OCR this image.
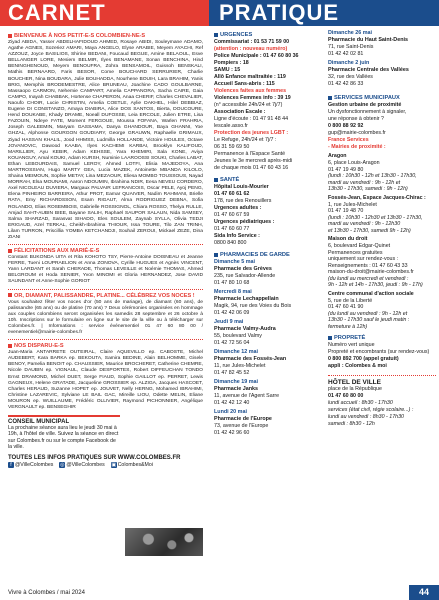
CARNET	PRATIQUE
BIENVENUE À NOS PETIT-E-S COLOMBIEN-NE-S
Ziyad ABIDA, Yasser ABDELHAFIDOUD AHMED, Rosaye ABIDI, Souleymane ADAMO, Agathe AGNES, Sozeriez AMARI, Maya ANGELO, Elyse ARABIE, Meyem AYACHI, Ref AZZOUZ, Joyce BASILIOS, Shirine BEDANI, Foucaud BEGUE, Amine BELAOUL, Esve BELLANGER LORE, Mesiem BELMIR, Ilyes BENAMANE, Sonan BENCHINA, Hind BENINGHENOUD, Meyem BENOUFRA, Zohra BENSAMOIL, Guissoh BENSKALI, Mathis BERNAARD, Faris BESOR, Come BOUCHARD SERRURIER, Charlie BOUCHER, Nina BOUDARA, Julie BOUHADDA, Nourhene BOUIH, Lara BRAHIM, Yanis BRIG, Memphis BRODEMESTRE, Alice BRUNEAU, Joachine CADO GOULBARNE, Massaopo CARMON, Nehemie CAMPART, Amelia CAPPANORA, Sacha CAIRE, Gaia CAMPO, Inayah CHABBAK, Hortense CHAPERON, Anaa CHERIF, Charles CHEVALIER, Naoufo CHOIR, Lucie CHRISTIN, Amelia COETLE, Aylie DAKHEL, Hilel DEBBIAZ, Eugene DI CONSTANZO, Amaya DIABIRA, Alice DOS SANTOS, Bierta, DOUCOURE, Hend DOUKABE, Khady DRAME, Noeall DUFOSSE, Leia ERCOLE, Julien ETRE, Lisa FAZOUIN, Ndeye FATE, Moment FERGOUE, Moussa FOFANA, Warlen FRAHRIA, Joseph GALEEMIN, Maryam GASSAMA, Danya GHANDOUR, Baya GHANNI, Yoe GHZAL, Alphonse GOURGON GOUDIARY, George GRAUWN, Raphaelle GRIMAUX, Ziyad HASSAN KHALIL, Jood HHMSS, Ludmilla HOLLANDE, Victoire HOULES, Octave JOVANOVIC, Dawood KAABA, Ilyes KACHEMI KARBAI, Brooklyn KALIFOUD, MARILLIER, Ayu KEBIR, Adam KEHSSE, Yara KHEMIRI, Sala KONE, Aviya KOUANGUY, Amal KOUKI, Adam KURSH, Numinie LAAROOSSI SOUKI, Charles LABAT, Ethan LEBOURDAIS, Samuel LEROY, Ahmed LOTFI, Elisia MAJEDOYA, Ana MARTROSSIAN, Hugo MARTY GEA, Lucia MAZEK, Antoinette MBANDA KILOLO, Shaina MEIMOUN, Sophie METAY, Lina MEZAOUR, Eliesa MOMBO TOUSSOUS, Nayad MORRAH, Elsa MOUNAMI, Aaron NDOUMIN, Ibrahima NDIR, Eesa NEVEU CORDERO, Axel NICOLEAU DUVIERA, Margaux PALVAIR LEFRANCOIS, Oscar PELE, Ayoj PENG, Elena PINHEIRO BARREIRA, Athur PROT, Eamar QUAIVER, Nadim RAHMANI, Brielle RATA, Emy RICHARDSSON, Esam RIGAUT, Alma RODRIGUEZ DEBNA, Sofia ROLANDO, Elias ROSEMBOIS, Gabrielle ROSSIGNOL, Chiara ROSSO, Thelya RULLE, Amjad SAHT-AUBIN BIEE, Bayane SALIH, Raphaël SAUPOR SALAUN, Nida SAMSEY, Salma SHARZAD, Sarasvat SIHADO, Eles SOULEM, Zaynab SYLLA, Olivia TEDJI ERIGAUD, Azel TERKAL, Cheikh-Ibrahima THIOUR, Issa TOURE, Tilo ZAN TRINH, Lilam TURRON, Priscillia YOMBA KETCHANDJI, Souhail ZEROUI, Mickael ZEZE, Dina ZIANI
FÉLICITATIONS AUX MARIÉ-E-S
Constant BUKONDA UITA et Rita KOHOTO TSY, Pierre-Antoine DOISNEAU et Jeanne FERRE, Tueni LOUPRAELION et Anna ZONOVA, Cyrille HUGUES et Agnès VINCENT, Yann LARDANT et Sarah CHERADE, Thomas LEVEILLE et Noémie THOMAS, Ahmed BELGROUM et Hoda SENIER, Yvon MINOMI et Gloria HERNANDEZ, Jose DAVID SAUNDANT et Anne-Sophie GORIOT
OR, DIAMANT, PALISSANDRE, PLATINE... CÉLÉBREZ VOS NOCES !
Vous souhaitez fêter vos noces d'or (50 ans de mariage), de diamant (60 ans), de palissandre (65 ans) ou de platine (70 ans) ? Deux cérémonies organisées en hommage aux couples colombiens seront organisées les samedis 28 septembre et 26 octobre à 10h. Inscriptions sur le formulaire en ligne sur le site de la ville ou à télécharger sur Colombes.fr. | Informations : service événementiel 01 47 60 80 00 / evenementiel@mairie-colombes.fr
NOS DISPARU-E-S
Juan-Maria ANTARRETE OUTEIRAL, Claire AQUEVILLO ep. CABOSTE, Michel AUDEBERT, Kara BARKA ep. BEKOUTA, Samira BEDINE, Alain BELHOMME, Gisele BENOY, Pamelia BENOIT ep. CHAUSSIER, Maurice BROCHERET, Catherine CHEMRE, Nicole DAUBIN ep. VIGNAUL, Claude DESPORTES, Robert DIFFEUCHAN TONDO Ernst DRAMOND, Michel DUET, Serge FIAUD, Sophie GAILLOT ep. PERRET, Lewis GAGNEUX, Helene GRATADE, Jacqueline GROSSIER ep. ALZIGA, Jacques HASCOET, Charles HERAUD, Suzanne HOPET ep. JOUVET, Nelly HERNG, Mohamed IBRAHIMI, Christine LAZAREVIC, Sylviane LE BAIL GAC, Mireille LIOU, Odette MELIN, Eliane MOURON ep. WUILLAUME, Frédéric OLLIVIER, Raymond PICHONNIER, Angélique VERGNAULT ep. BENSEGHIR
CONSEIL MUNICIPAL
La prochaine séance aura lieu le jeudi 30 mai à 19h, à l'hôtel de ville. Suivez la séance en direct sur Colombes.fr ou sur le compte Facebook de la ville.
TOUTES LES INFOS PRATIQUES SUR WWW.COLOMBES.FR
f @VilleColombes ◎ @VilleColombes ▣ Colombes&Moi
URGENCES
Commissariat : 01 53 71 59 00
(attention : nouveau numéro)
Police Municipale : 01 47 60 80 36
Pompiers : 18
SAMU : 15
Allô Enfance maltraitée : 119
Accueil Sans-abris : 115
Violences faites aux femmes
Violences Femmes info : 39 19
(n° accessible 24h/24 et 7j/7)
Association Escale :
Ligne d'écoute : 01 47 91 48 44
lescale.asso.fr
Protection des jeunes LGBT :
Le Refuge, 24h/24 et 7j/7 :
06 31 59 69 50
Permanence à l'Espace Santé
Jeunes le 3e mercredi après-midi
de chaque mois 01 47 60 43 16
SANTÉ
Hôpital Louis-Mourier
01 47 60 61 62
178, rue des Renouillers
Urgences adultes :
01 47 60 67 59
Urgences pédiatriques :
01 47 60 60 77
Sida Info Service :
0800 840 800
PHARMACIES DE GARDE
Dimanche 5 mai
Pharmacie des Grèves
235, rue Salvador-Allende
01 47 80 10 68
Mercredi 8 mai
Pharmacie Lechappellain
Magik, 94, rue des Voies du Bois
01 42 42 06 09
Jeudi 9 mai
Pharmacie Valmy-Audra
55, boulevard Valmy
01 42 72 56 04
Dimanche 12 mai
Pharmacie des Fossés-Jean
11, rue Jules-Michelet
01 47 82 45 52
Dimanche 19 mai
Pharmacie Janks
11, avenue de l'Agent Sarre
01 42 42 12 40
Lundi 20 mai
Pharmacie de l'Europe
73, avenue de l'Europe
01 42 42 96 60
Dimanche 26 mai
Pharmacie du Haut Saint-Denis
71, rue Saint-Denis
01 42 42 02 81
Dimanche 2 juin
Pharmacie Centrale des Vallées
32, rue des Vallées
01 42 42 86 33
SERVICES MUNICIPAUX
Gestion urbaine de proximité
Un dysfonctionnement à signaler,
une réponse à obtenir ?
0 800 88 92 92
gup@mairie-colombes.fr
France Services
- Mairies de proximité :
Aragon
6, place Louis-Aragon
01 47 19 49 80
(lundi : 10h30 - 12h et 13h30 - 17h30,
mardi au vendredi : 9h - 12h et
13h30 - 17h30, samedi : 9h - 12h)
Fossés-Jean, Espace Jacques-Chirac :
1, rue Jules-Michelet
01 47 19 48 70
(lundi : 10h30 - 12h30 et 13h30 - 17h30,
mardi au vendredi : 9h - 12h30
et 13h30 - 17h30, samedi 9h - 12h)
Maison du droit
6, boulevard Edgar-Quinet
Permanences gratuites
uniquement sur rendez-vous :
Renseignements : 01 47 60 43 33
maison-du-droit@mairie-colombes.fr
(du lundi au mercredi et vendredi :
9h - 12h et 14h - 17h30, jeudi : 9h - 17h)
Centre communal d'action sociale
5, rue de la Liberté
01 47 60 41 90
(du lundi au vendredi : 9h - 12h et
13h30 - 17h30 sauf le jeudi matin :
fermeture à 12h)
PROPRETÉ
Numéro vert unique
Propreté et encombrants (sur rendez-vous)
0 800 892 700 (appel gratuit)
appli : Colombes & moi
HÔTEL DE VILLE
place de la République
01 47 60 80 00
lundi accueil : 8h30 - 17h30
services (état civil, régie scolaire...) :
lundi au vendredi : 8h30 - 17h30
samedi : 8h30 - 12h
Vivre à Colombes / mai 2024	44
